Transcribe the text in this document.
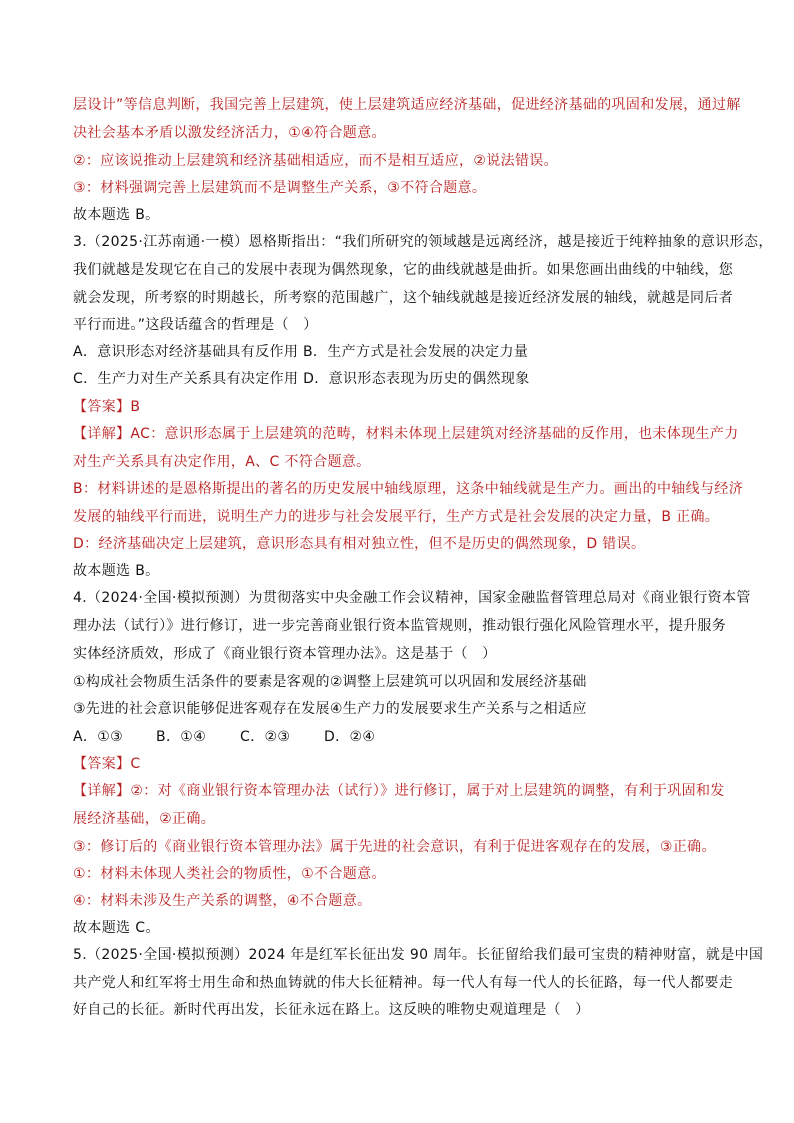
层设计”等信息判断，我国完善上层建筑，使上层建筑适应经济基础，促进经济基础的巩固和发展，通过解
决社会基本矛盾以激发经济活力，①④符合题意。
②：应该说推动上层建筑和经济基础相适应，而不是相互适应，②说法错误。
③：材料强调完善上层建筑而不是调整生产关系，③不符合题意。
故本题选 B。
3.（2025·江苏南通·一模）恩格斯指出：“我们所研究的领域越是远离经济，越是接近于纯粹抽象的意识形态，
我们就越是发现它在自己的发展中表现为偶然现象，它的曲线就越是曲折。如果您画出曲线的中轴线，您
就会发现，所考察的时期越长，所考察的范围越广，这个轴线就越是接近经济发展的轴线，就越是同后者
平行而进。”这段话蕴含的哲理是（　）
A．意识形态对经济基础具有反作用 B．生产方式是社会发展的决定力量
C．生产力对生产关系具有决定作用 D．意识形态表现为历史的偶然现象
【答案】B
【详解】AC：意识形态属于上层建筑的范畴，材料未体现上层建筑对经济基础的反作用，也未体现生产力
对生产关系具有决定作用，A、C 不符合题意。
B：材料讲述的是恩格斯提出的著名的历史发展中轴线原理，这条中轴线就是生产力。画出的中轴线与经济
发展的轴线平行而进，说明生产力的进步与社会发展平行，生产方式是社会发展的决定力量，B 正确。
D：经济基础决定上层建筑，意识形态具有相对独立性，但不是历史的偶然现象，D 错误。
故本题选 B。
4.（2024·全国·模拟预测）为贯彻落实中央金融工作会议精神，国家金融监督管理总局对《商业银行资本管
理办法（试行）》进行修订，进一步完善商业银行资本监管规则，推动银行强化风险管理水平，提升服务
实体经济质效，形成了《商业银行资本管理办法》。这是基于（　）
①构成社会物质生活条件的要素是客观的②调整上层建筑可以巩固和发展经济基础
③先进的社会意识能够促进客观存在发展④生产力的发展要求生产关系与之相适应
A．①③ B．①④ C．②③ D．②④
【答案】C
【详解】②：对《商业银行资本管理办法（试行）》进行修订，属于对上层建筑的调整，有利于巩固和发
展经济基础，②正确。
③：修订后的《商业银行资本管理办法》属于先进的社会意识，有利于促进客观存在的发展，③正确。
①：材料未体现人类社会的物质性，①不合题意。
④：材料未涉及生产关系的调整，④不合题意。
故本题选 C。
5.（2025·全国·模拟预测）2024 年是红军长征出发 90 周年。长征留给我们最可宝贵的精神财富，就是中国
共产党人和红军将士用生命和热血铸就的伟大长征精神。每一代人有每一代人的长征路，每一代人都要走
好自己的长征。新时代再出发，长征永远在路上。这反映的唯物史观道理是（　）
